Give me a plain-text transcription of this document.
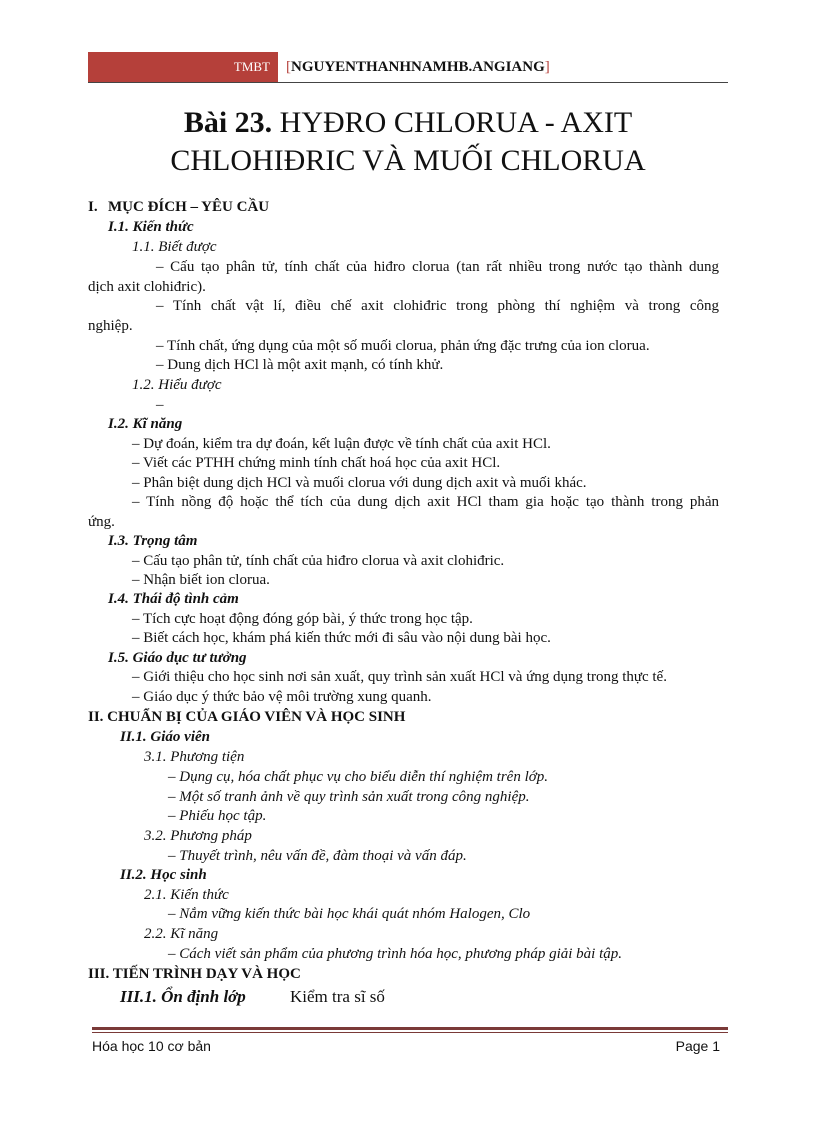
TMBT	[ NGUYENTHANHNAMHB.ANGIANG ]
Bài 23. HYĐRO CHLORUA - AXIT
CHLOHIĐRIC VÀ MUỐI CHLORUA
I. MỤC ĐÍCH – YÊU CẦU
I.1. Kiến thức
1.1. Biết được
– Cấu tạo phân tử, tính chất của hiđro clorua (tan rất nhiều trong nước tạo thành dung
dịch axit clohiđric).
– Tính chất vật lí, điều chế axit clohiđric trong phòng thí nghiệm và trong công
nghiệp.
– Tính chất, ứng dụng của một số muối clorua, phản ứng đặc trưng của ion clorua.
– Dung dịch HCl là một axit mạnh, có tính khử.
1.2. Hiểu được
–
I.2. Kĩ năng
– Dự đoán, kiểm tra dự đoán, kết luận được về tính chất của axit HCl.
– Viết các PTHH chứng minh tính chất hoá học của axit HCl.
– Phân biệt dung dịch HCl và muối clorua với dung dịch axit và muối khác.
– Tính nồng độ hoặc thể tích của dung dịch axit HCl tham gia hoặc tạo thành trong phản
ứng.
I.3. Trọng tâm
– Cấu tạo phân tử, tính chất của hiđro clorua và axit clohiđric.
– Nhận biết ion clorua.
I.4. Thái độ tình cảm
– Tích cực hoạt động đóng góp bài, ý thức trong học tập.
– Biết cách học, khám phá kiến thức mới đi sâu vào nội dung bài học.
I.5. Giáo dục tư tưởng
– Giới thiệu cho học sinh nơi sản xuất, quy trình sản xuất HCl và ứng dụng trong thực tế.
– Giáo dục ý thức bảo vệ môi trường xung quanh.
II. CHUẨN BỊ CỦA GIÁO VIÊN VÀ HỌC SINH
II.1. Giáo viên
3.1. Phương tiện
– Dụng cụ, hóa chất phục vụ cho biểu diễn thí nghiệm trên lớp.
– Một số tranh ảnh về quy trình sản xuất trong công nghiệp.
– Phiếu học tập.
3.2. Phương pháp
– Thuyết trình, nêu vấn đề, đàm thoại và vấn đáp.
II.2. Học sinh
2.1. Kiến thức
– Nắm vững kiến thức bài học khái quát nhóm Halogen, Clo
2.2. Kĩ năng
– Cách viết sản phẩm của phương trình hóa học, phương pháp giải bài tập.
III. TIẾN TRÌNH DẠY VÀ HỌC
III.1. Ổn định lớp	Kiểm tra sĩ số
Hóa học 10 cơ bản	Page 1
